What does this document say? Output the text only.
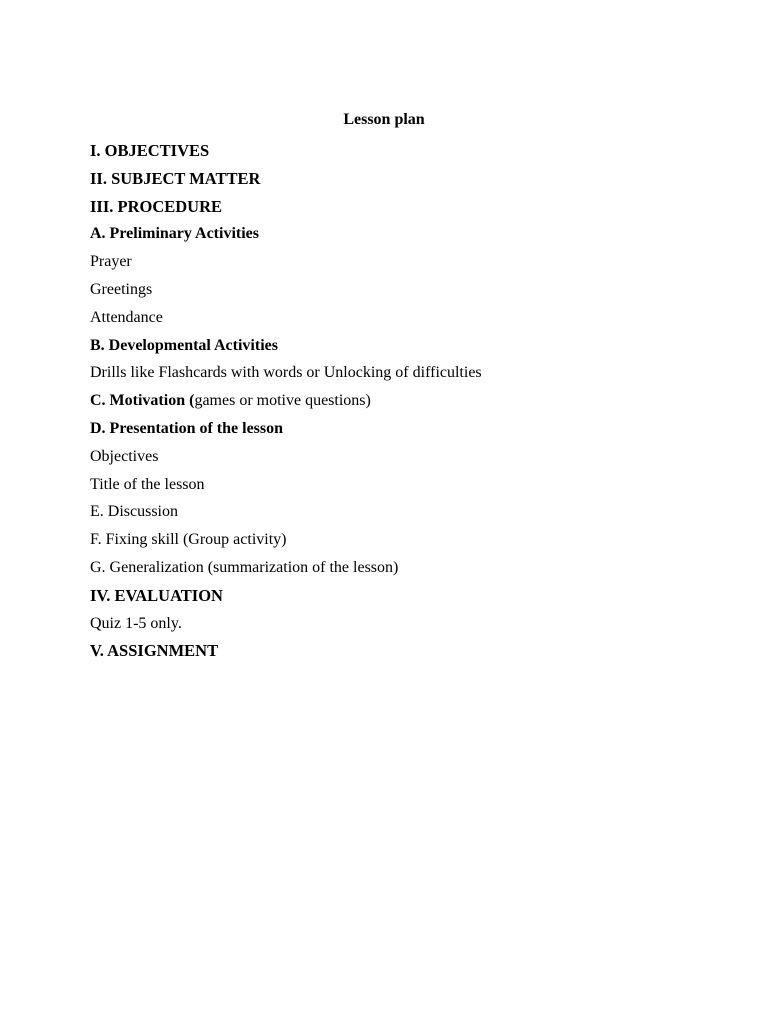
Lesson plan
I. OBJECTIVES
II. SUBJECT MATTER
III. PROCEDURE
A. Preliminary Activities
Prayer
Greetings
Attendance
B. Developmental Activities
Drills like Flashcards with words or Unlocking of difficulties
C. Motivation (games or motive questions)
D. Presentation of the lesson
Objectives
Title of the lesson
E. Discussion
F. Fixing skill (Group activity)
G. Generalization (summarization of the lesson)
IV. EVALUATION
Quiz 1-5 only.
V. ASSIGNMENT
